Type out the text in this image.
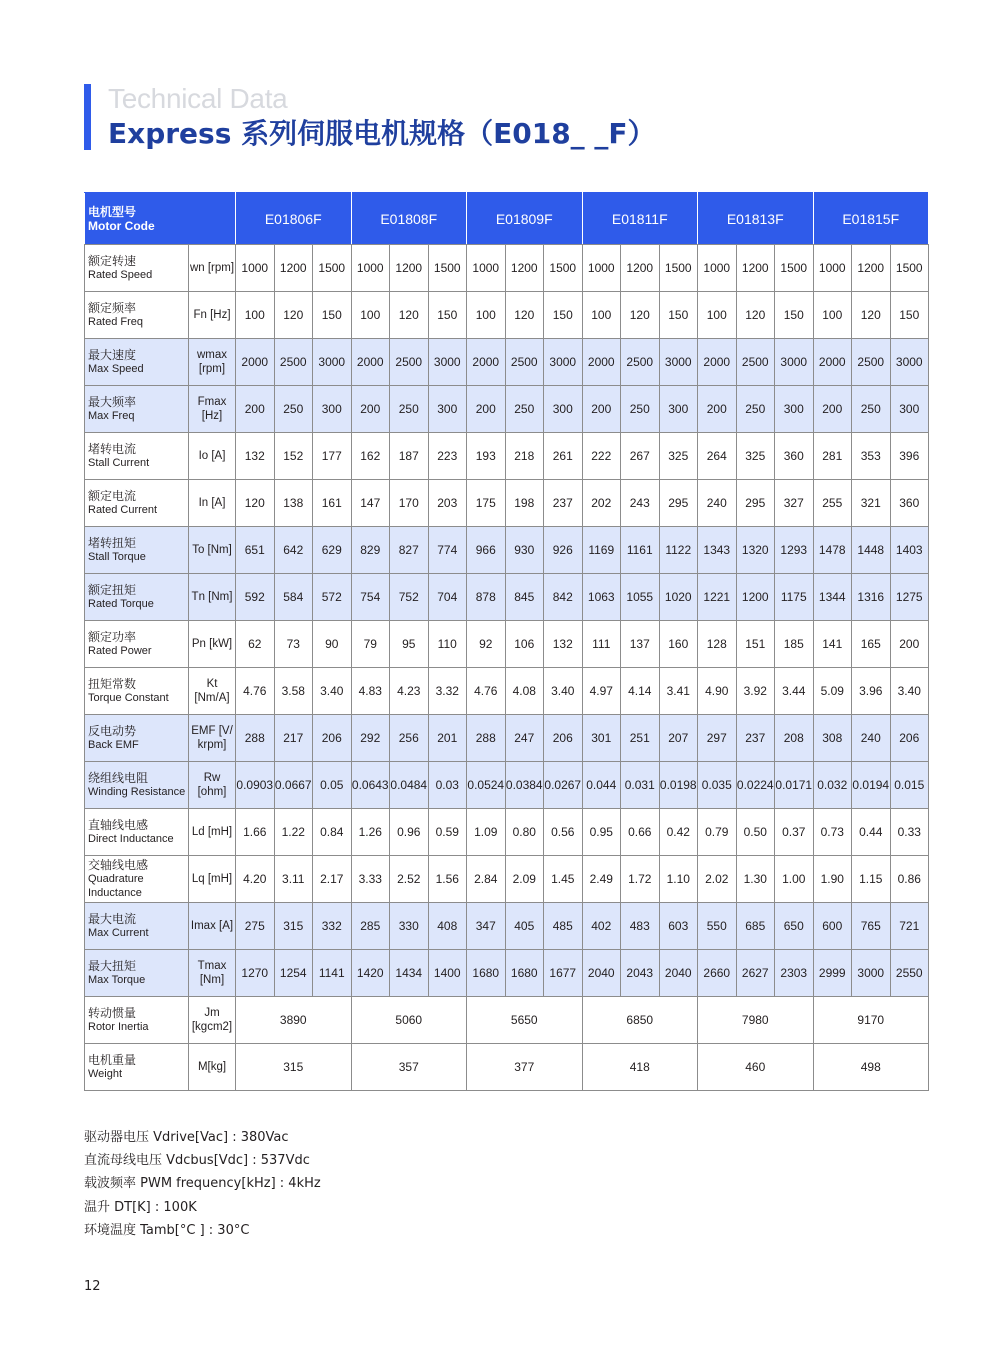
Technical Data
Express 系列伺服电机规格（E018_ _F）
电机型号
Motor Code		E01806F			E01808F			E01809F			E01811F			E01813F			E01815F		

额定转速
Rated Speed	wn [rpm]	1000	1200	1500	1000	1200	1500	1000	1200	1500	1000	1200	1500	1000	1200	1500	1000	1200	1500

额定频率
Rated Freq	Fn [Hz]	100	120	150	100	120	150	100	120	150	100	120	150	100	120	150	100	120	150

最大速度
Max Speed	wmax [rpm]	2000	2500	3000	2000	2500	3000	2000	2500	3000	2000	2500	3000	2000	2500	3000	2000	2500	3000

最大频率
Max Freq	Fmax [Hz]	200	250	300	200	250	300	200	250	300	200	250	300	200	250	300	200	250	300

堵转电流
Stall Current	Io [A]	132	152	177	162	187	223	193	218	261	222	267	325	264	325	360	281	353	396

额定电流
Rated Current	In [A]	120	138	161	147	170	203	175	198	237	202	243	295	240	295	327	255	321	360

堵转扭矩
Stall Torque	To [Nm]	651	642	629	829	827	774	966	930	926	1169	1161	1122	1343	1320	1293	1478	1448	1403

额定扭矩
Rated Torque	Tn [Nm]	592	584	572	754	752	704	878	845	842	1063	1055	1020	1221	1200	1175	1344	1316	1275

额定功率
Rated Power	Pn [kW]	62	73	90	79	95	110	92	106	132	111	137	160	128	151	185	141	165	200

扭矩常数
Torque Constant	Kt [Nm/A]	4.76	3.58	3.40	4.83	4.23	3.32	4.76	4.08	3.40	4.97	4.14	3.41	4.90	3.92	3.44	5.09	3.96	3.40

反电动势
Back EMF	EMF [V/ krpm]	288	217	206	292	256	201	288	247	206	301	251	207	297	237	208	308	240	206

绕组线电阻
Winding Resistance	Rw [ohm]	0.0903	0.0667	0.05	0.0643	0.0484	0.03	0.0524	0.0384	0.0267	0.044	0.031	0.0198	0.035	0.0224	0.0171	0.032	0.0194	0.015

直轴线电感
Direct Inductance	Ld [mH]	1.66	1.22	0.84	1.26	0.96	0.59	1.09	0.80	0.56	0.95	0.66	0.42	0.79	0.50	0.37	0.73	0.44	0.33

交轴线电感
Quadrature Inductance	Lq [mH]	4.20	3.11	2.17	3.33	2.52	1.56	2.84	2.09	1.45	2.49	1.72	1.10	2.02	1.30	1.00	1.90	1.15	0.86

最大电流
Max Current	Imax [A]	275	315	332	285	330	408	347	405	485	402	483	603	550	685	650	600	765	721

最大扭矩
Max Torque	Tmax [Nm]	1270	1254	1141	1420	1434	1400	1680	1680	1677	2040	2043	2040	2660	2627	2303	2999	3000	2550

转动惯量
Rotor Inertia	Jm [kgcm2]	3890			5060			5650			6850			7980			9170		

电机重量
Weight	M[kg]	315			357			377			418			460			498		
驱动器电压 Vdrive[Vac] : 380Vac
直流母线电压 Vdcbus[Vdc] : 537Vdc
载波频率 PWM frequency[kHz] : 4kHz
温升 DT[K] : 100K
环境温度 Tamb[°C ] : 30°C
12
